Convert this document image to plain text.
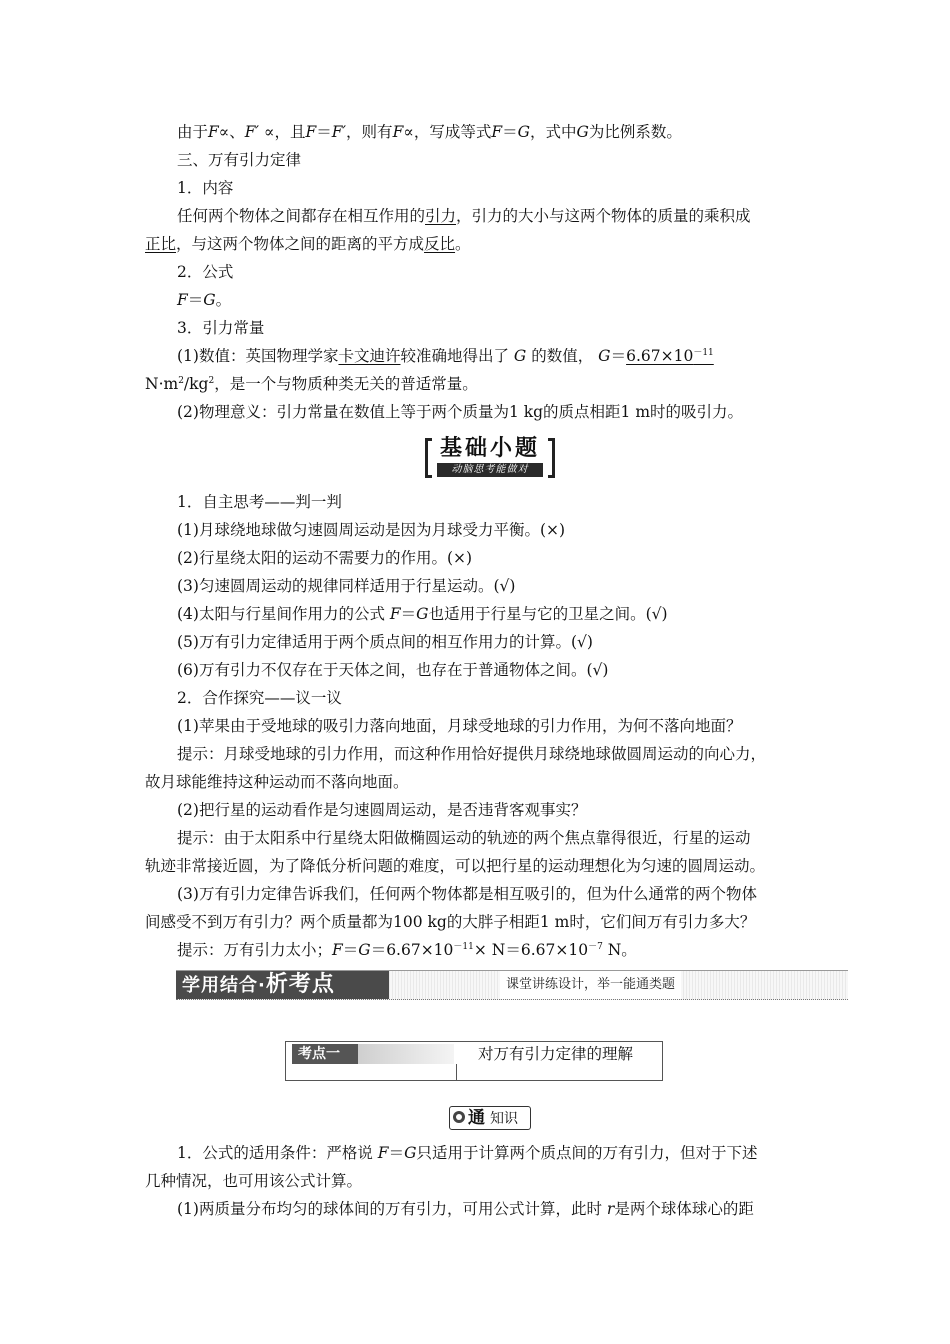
由于F∝、F′ ∝，且F＝F′，则有F∝，写成等式F＝G，式中G为比例系数。
三、万有引力定律
1．内容
任何两个物体之间都存在相互作用的引力，引力的大小与这两个物体的质量的乘积成
正比，与这两个物体之间的距离的平方成反比。
2．公式
F＝G。
3．引力常量
(1)数值：英国物理学家卡文迪许较准确地得出了 G 的数值， $G=6.67\times 10^{-11}$
$N\cdot m^2/kg^2$，是一个与物质种类无关的普适常量。
(2)物理意义：引力常量在数值上等于两个质量为1 kg的质点相距1 m时的吸引力。
基础小题
动脑思考能做对
1．自主思考——判一判
(1)月球绕地球做匀速圆周运动是因为月球受力平衡。(×)
(2)行星绕太阳的运动不需要力的作用。(×)
(3)匀速圆周运动的规律同样适用于行星运动。(√)
(4)太阳与行星间作用力的公式 F＝G也适用于行星与它的卫星之间。(√)
(5)万有引力定律适用于两个质点间的相互作用力的计算。(√)
(6)万有引力不仅存在于天体之间，也存在于普通物体之间。(√)
2．合作探究——议一议
(1)苹果由于受地球的吸引力落向地面，月球受地球的引力作用，为何不落向地面？
提示：月球受地球的引力作用，而这种作用恰好提供月球绕地球做圆周运动的向心力，
故月球能维持这种运动而不落向地面。
(2)把行星的运动看作是匀速圆周运动，是否违背客观事实？
提示：由于太阳系中行星绕太阳做椭圆运动的轨迹的两个焦点靠得很近，行星的运动
轨迹非常接近圆，为了降低分析问题的难度，可以把行星的运动理想化为匀速的圆周运动。
(3)万有引力定律告诉我们，任何两个物体都是相互吸引的，但为什么通常的两个物体
间感受不到万有引力？两个质量都为100 kg的大胖子相距1 m时，它们间万有引力多大？
提示：万有引力太小；$F=G=6.67\times 10^{-11}\times N=6.67\times 10^{-7}$ N。
学用结合·析考点	课堂讲练设计，举一能通类题
考点一	对万有引力定律的理解
通 知识
1．公式的适用条件：严格说 F＝G只适用于计算两个质点间的万有引力，但对于下述
几种情况，也可用该公式计算。
(1)两质量分布均匀的球体间的万有引力，可用公式计算，此时 r是两个球体球心的距
